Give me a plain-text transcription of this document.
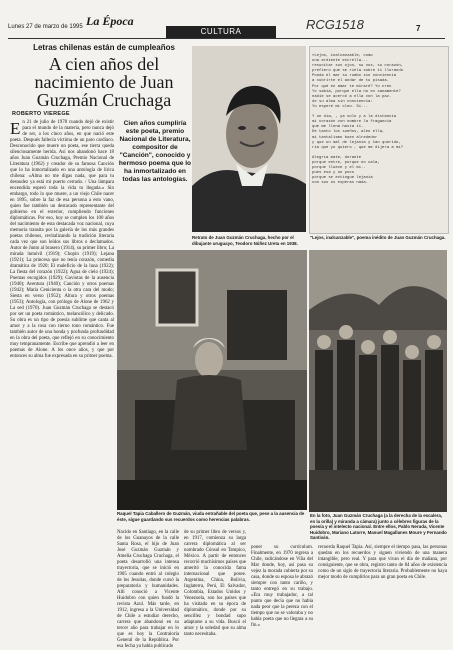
Lunes 27 de marzo de 1995 La Época
CULTURA	RCG1518	7
Letras chilenas están de cumpleaños
A cien años del nacimiento de Juan Guzmán Cruchaga
ROBERTO VIEREGE
Cien años cumpliría este poeta, premio Nacional de Literatura, compositor de "Canción", conocido y hermoso poema que lo ha inmortalizado en todas las antologías.
En 21 de julio de 1978 cuando dejó de existir para el mundo de la materia, pero nunca dejó de ser, a los cinco años, en que nació este poeta. Después fallecía víctima de un paro cardíaco. Desconocido que muere un poeta, ese tierra queda silenciosamente herida. Así nos abandonó hace 18 años Juan Guzmán Cruchaga, Premio Nacional de Literatura (1962) y creador de su famosa Canción que lo ha inmortalizado en una antología de lírica chilena: «Alma no me digas nada, que para tu desnudez ya está mi puerto cerrado. / Una lámpara encendida esperó toda la vida tu llegada.» Sin embargo, todo lo que muere, a un viejo Chile nacer en 1895, sobre la faz de esa persona a esto vano, quien fue también un destacado representante del gobierno en el exterior, cumpliendo funciones diplomáticas. Por eso, hoy se cumplen los 100 años del nacimiento de esta destacada voz nacional, cuya memoria transita por la galería de los más grandes poetas chilenos, revitalizando la tradición literaria cada vez que son leídos sus libros o declamados. Autor de Junto al brasero (1914), su primer libro; La mirada inmóvil (1919); Chopin (1919); Lejana (1921); La princesa que no tenía corazón, comedia dramática de 1920; El maleficio de la luna (1922); La fiesta del corazón (1922); Agua de cielo (1924); Poemas escogidos (1929); Gaviotas de la ausencia (1940); Aventura (1940); Canción y otros poemas (1942); María Cenicienta o la otra cara del modo; Siesta en verso (1952); Altura y otros poemas (1953); Antología, con prólogo de Alone de 1962 y La sed (1970). Juan Guzmán Cruchaga se destacó por ser un poeta romántico, melancólico y delicado. Su obra es un tipo de poesía sublime que canta al amor y a la rosa con tierno tono romántico. Fue también autor de una honda y profunda profundidad en la obra del poeta, que reflejó en su conocimiento muy tempranamente. Escribe que aprendió a leer en poemas de Alone. A los once años, y que por entonces su alma fue expresada en su primer poema.
Retrato de Juan Guzmán Cruchaga, hecho por el dibujante uruguayo, Teodoro Núñez Ureta en 1938.
«Lejos, inalcanzable, como
una ardiente estrella...
resucitar sus ojos, su voz, su corazón,
prefiero que se riela sobre ti llorando
Ponda el mar su rumbo sin conciencia
a cubrirte el andar de tu pisada.
Por qué en amar te miraré? Yo creo
Yo sabía, porque ella no es sanamente?
nadie se acercó a ella con la paz.
de su alma sin conciencia:
Yo esperé mi cleo. Sí...

Y un día, , ya solo y a la distancia
mi corazón con nombre la fragancia
que me llena hasta ti.
De tanto los sueños, aleo ella,
mi tantalismo buen alrededor
y que un mal de lejanía y tan querido,
ria que yo quiero , que me dijera a mí?

Alegría mate, durante
porque entre, porque no cala,
porque llueve y el mi..
pues esa y un poco
porque se extingue lejanía
con sus os esperas nada.
"Lejos, inalcanzable", poema inédito de Juan Guzmán Cruchaga.
Raquel Tapia Caballero de Guzmán, viuda entrañable del poeta que, pese a la ausencia de éste, sigue guardando sus recuerdos como herencias palabras.
En la foto, Juan Guzmán Cruchaga (a la derecha de la escalera, en la orilla) y miranda a cámara) junto a célebres figuras de la poesía y el intelecto nacional. Entre ellos, Pablo Neruda, Vicente Huidobro, Mariano Latorre, Manuel Magallanes Moure y Fernando Santiván.
Nacido en Santiago, en la calle de los Guanayos de la calle Santa Rosa, el hijo de Juan José Guzmán Guzmán y Amelia Cruchaga Cruchaga, el poeta desarrolló una intensa trayectoria, que se inició en 1905 cuando entró al colegio de los Jesuitas, donde cursó la preparatoria y humanidades. Allí conoció a Vicente Huidobro con quien fundó la revista Azul. Más tarde, en 1912, ingresa a la Universidad de Chile a estudiar derecho, carrera que abandonó en su tercer año para trabajar en lo que es hoy la Contraloría General de la República. Por esa fecha ya había publicado
de su primer libro de versos y, en 1917, comienza su larga carrera diplomática al ser nombrado Cónsul en Tampico, México. A partir de entonces recorrió muchísimos países que ameritó la conocida fama internacional que posee. Argentina, China, Bolivia, Inglaterra, Perú, El Salvador, Colombia, Estados Unidos y Venezuela, son los países que ha visitado en su época de diplomático, donde por su sencillez y bondad supo adaptarse a su vida. Buscó el amor y la soledad que su alma tanto necesitaba.
poner su currículum. Finalmente, en 1970 regresa a Chile, radicándose en Viña del Mar donde, hoy, así pasa su vejez la morada cubierta por su casa, donde su esposa le abrazó siempre con tanto cariño, y tanto entregó en su trabajo. «Era muy trabajador, a tal punto que decía que no había nada peor que la pereza con el tiempo que no se valoraba y no había poeta que no llegara a su fin.»
recuerda Raquel Tapia. Así, siempre el tiempo pasa, las personas quedan en los recuerdos y siguen viviendo de una manera intangible, pero real. Y para que vivan el día de mañana, por consiguiente, que se obra, registro tanto de 84 años de existencia como de un siglo de trayectoria literaria. Probablemente no haya mejor modo de cumplirlos para un gran poeta en Chile.
